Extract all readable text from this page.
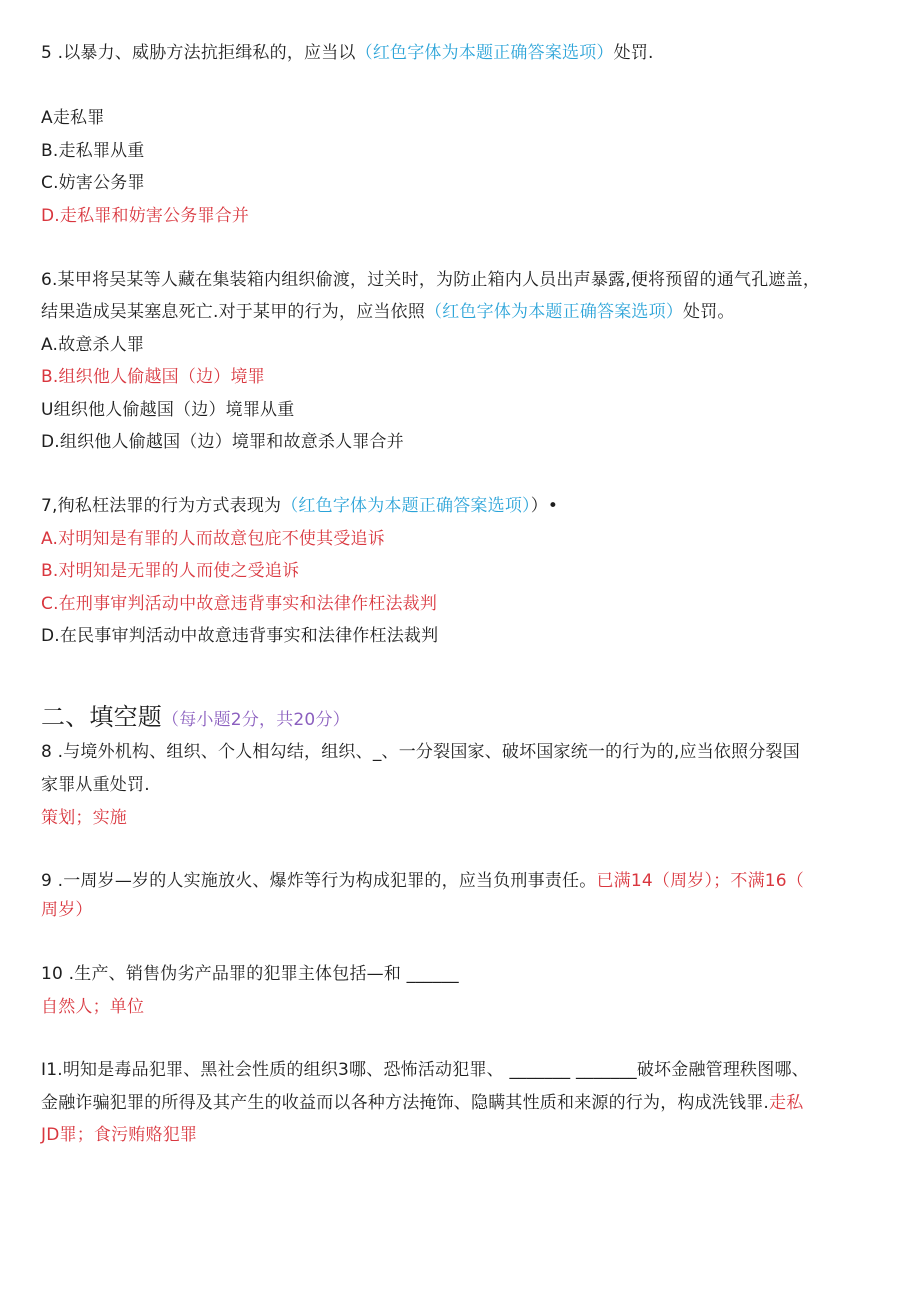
5 .以暴力、威胁方法抗拒缉私的，应当以（红色字体为本题正确答案选项）处罚.
A走私罪
B.走私罪从重
C.妨害公务罪
D.走私罪和妨害公务罪合并
6.某甲将吴某等人藏在集装箱内组织偷渡，过关时，为防止箱内人员出声暴露,便将预留的通气孔遮盖，
结果造成吴某塞息死亡.对于某甲的行为，应当依照（红色字体为本题正确答案选项）处罚。
A.故意杀人罪
B.组织他人偷越国（边）境罪
U组织他人偷越国（边）境罪从重
D.组织他人偷越国（边）境罪和故意杀人罪合并
7,徇私枉法罪的行为方式表现为（红色字体为本题正确答案选项））•
A.对明知是有罪的人而故意包庇不使其受追诉
B.对明知是无罪的人而使之受追诉
C.在刑事审判活动中故意违背事实和法律作枉法裁判
D.在民事审判活动中故意违背事实和法律作枉法裁判
二、填空题（每小题2分，共20分）
8 .与境外机构、组织、个人相勾结，组织、_、一分裂国家、破坏国家统一的行为的,应当依照分裂国
家罪从重处罚.
策划；实施
9 .一周岁—岁的人实施放火、爆炸等行为构成犯罪的，应当负刑事责任。已满14（周岁）；不满16（
周岁）
10 .生产、销售伪劣产品罪的犯罪主体包括—和 ______
自然人；单位
I1.明知是毒品犯罪、黑社会性质的组织3哪、恐怖活动犯罪、 _______ _______破坏金融管理秩图哪、
金融诈骗犯罪的所得及其产生的收益而以各种方法掩饰、隐瞒其性质和来源的行为，构成洗钱罪.走私
JD罪；食污贿赂犯罪
